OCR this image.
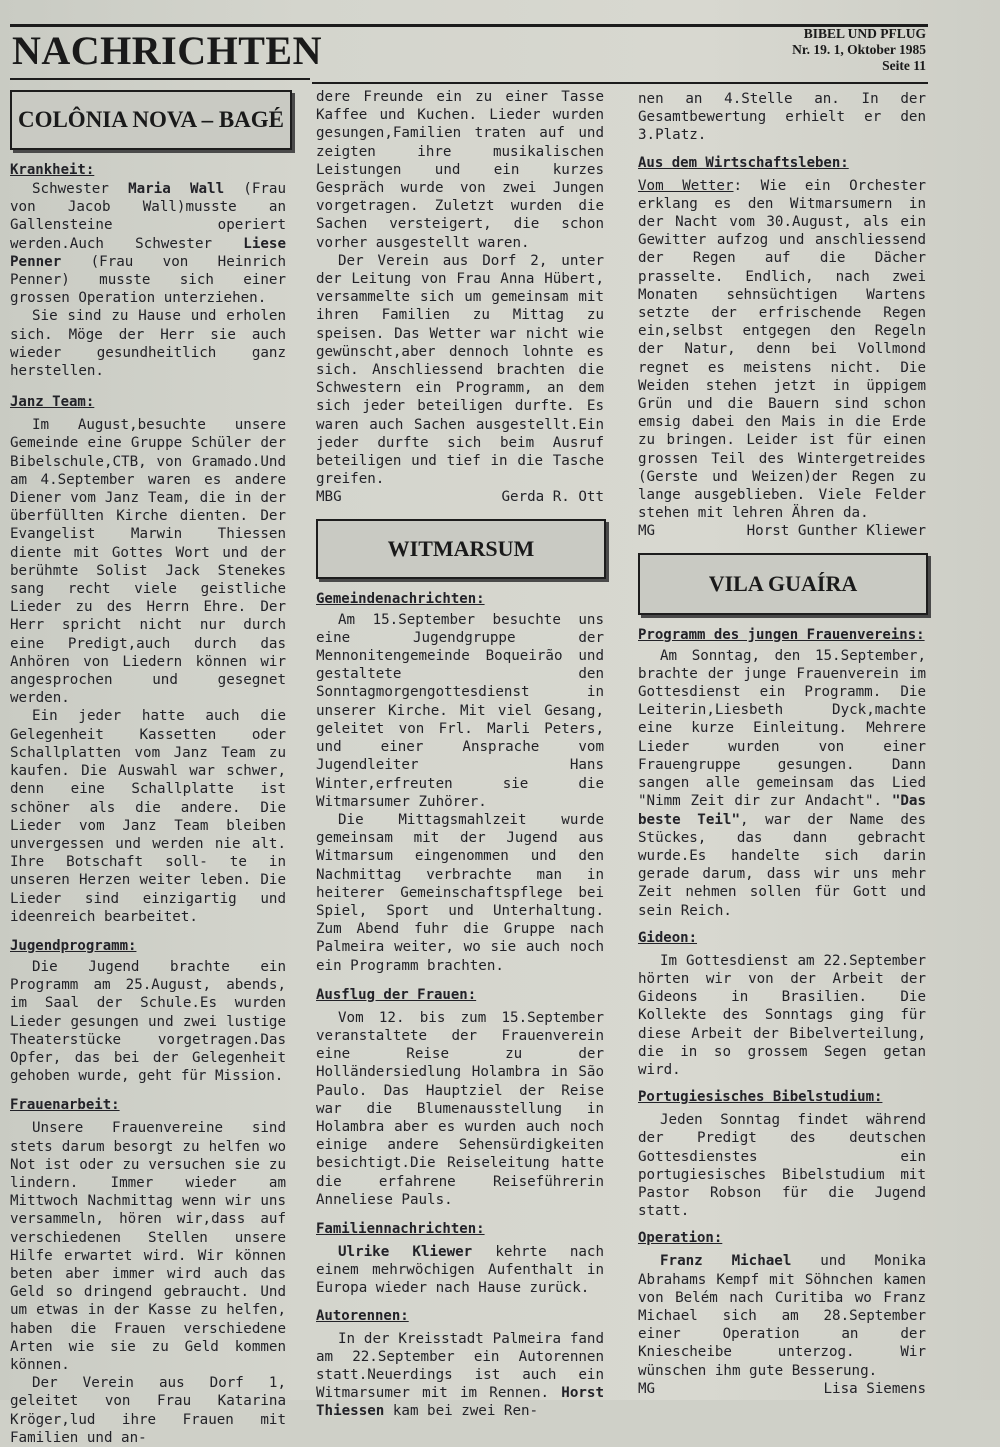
NACHRICHTEN	BIBEL UND PFLUG
Nr. 19. 1, Oktober 1985
Seite 11
COLÔNIA NOVA – BAGÉ

Krankheit:

Schwester Maria Wall (Frau von Jacob Wall)musste an Gallensteine operiert werden.Auch Schwester Liese Penner (Frau von Heinrich Penner) musste sich einer grossen Operation unterziehen.

Sie sind zu Hause und erholen sich. Möge der Herr sie auch wieder gesundheitlich ganz herstellen.

Janz Team:

Im August,besuchte unsere Gemeinde eine Gruppe Schüler der Bibelschule,CTB, von Gramado.Und am 4.September waren es andere Diener vom Janz Team, die in der überfüllten Kirche dienten. Der Evangelist Marwin Thiessen diente mit Gottes Wort und der berühmte Solist Jack Stenekes sang recht viele geistliche Lieder zu des Herrn Ehre. Der Herr spricht nicht nur durch eine Predigt,auch durch das Anhören von Liedern können wir angesprochen und gesegnet werden.

Ein jeder hatte auch die Gelegenheit Kassetten oder Schallplatten vom Janz Team zu kaufen. Die Auswahl war schwer, denn eine Schallplatte ist schöner als die andere. Die Lieder vom Janz Team bleiben unvergessen und werden nie alt. Ihre Botschaft soll- te in unseren Herzen weiter leben. Die Lieder sind einzigartig und ideenreich bearbeitet.

Jugendprogramm:

Die Jugend brachte ein Programm am 25.August, abends, im Saal der Schule.Es wurden Lieder gesungen und zwei lustige Theaterstücke vorgetragen.Das Opfer, das bei der Gelegenheit gehoben wurde, geht für Mission.

Frauenarbeit:

Unsere Frauenvereine sind stets darum besorgt zu helfen wo Not ist oder zu versuchen sie zu lindern. Immer wieder am Mittwoch Nachmittag wenn wir uns versammeln, hören wir,dass auf verschiedenen Stellen unsere Hilfe erwartet wird. Wir können beten aber immer wird auch das Geld so dringend gebraucht. Und um etwas in der Kasse zu helfen, haben die Frauen verschiedene Arten wie sie zu Geld kommen können.

Der Verein aus Dorf 1, geleitet von Frau Katarina Kröger,lud ihre Frauen mit Familien und an-

dere Freunde ein zu einer Tasse Kaffee und Kuchen. Lieder wurden gesungen,Familien traten auf und zeigten ihre musikalischen Leistungen und ein kurzes Gespräch wurde von zwei Jungen vorgetragen. Zuletzt wurden die Sachen versteigert, die schon vorher ausgestellt waren.

Der Verein aus Dorf 2, unter der Leitung von Frau Anna Hübert, versammelte sich um gemeinsam mit ihren Familien zu Mittag zu speisen. Das Wetter war nicht wie gewünscht,aber dennoch lohnte es sich. Anschliessend brachten die Schwestern ein Programm, an dem sich jeder beteiligen durfte. Es waren auch Sachen ausgestellt.Ein jeder durfte sich beim Ausruf beteiligen und tief in die Tasche greifen.

MBG	Gerda R. Ott
WITMARSUM

Gemeindenachrichten:

Am 15.September besuchte uns eine Jugendgruppe der Mennonitengemeinde Boqueirão und gestaltete den Sonntagmorgengottesdienst in unserer Kirche. Mit viel Gesang, geleitet von Frl. Marli Peters, und einer Ansprache vom Jugendleiter Hans Winter,erfreuten sie die Witmarsumer Zuhörer.

Die Mittagsmahlzeit wurde gemeinsam mit der Jugend aus Witmarsum eingenommen und den Nachmittag verbrachte man in heiterer Gemeinschaftspflege bei Spiel, Sport und Unterhaltung. Zum Abend fuhr die Gruppe nach Palmeira weiter, wo sie auch noch ein Programm brachten.

Ausflug der Frauen:

Vom 12. bis zum 15.September veranstaltete der Frauenverein eine Reise zu der Holländersiedlung Holambra in São Paulo. Das Hauptziel der Reise war die Blumenausstellung in Holambra aber es wurden auch noch einige andere Sehensürdigkeiten besichtigt.Die Reiseleitung hatte die erfahrene Reiseführerin Anneliese Pauls.

Familiennachrichten:

Ulrike Kliewer kehrte nach einem mehrwöchigen Aufenthalt in Europa wieder nach Hause zurück.

Autorennen:

In der Kreisstadt Palmeira fand am 22.September ein Autorennen statt.Neuerdings ist auch ein Witmarsumer mit im Rennen. Horst Thiessen kam bei zwei Ren-

nen an 4.Stelle an. In der Gesamtbewertung erhielt er den 3.Platz.

Aus dem Wirtschaftsleben:

Vom Wetter: Wie ein Orchester erklang es den Witmarsumern in der Nacht vom 30.August, als ein Gewitter aufzog und anschliessend der Regen auf die Dächer prasselte. Endlich, nach zwei Monaten sehnsüchtigen Wartens setzte der erfrischende Regen ein,selbst entgegen den Regeln der Natur, denn bei Vollmond regnet es meistens nicht. Die Weiden stehen jetzt in üppigem Grün und die Bauern sind schon emsig dabei den Mais in die Erde zu bringen. Leider ist für einen grossen Teil des Wintergetreides (Gerste und Weizen)der Regen zu lange ausgeblieben. Viele Felder stehen mit lehren Ähren da.

MG	Horst Gunther Kliewer
VILA GUAÍRA

Programm des jungen Frauenvereins:

Am Sonntag, den 15.September, brachte der junge Frauenverein im Gottesdienst ein Programm. Die Leiterin,Liesbeth Dyck,machte eine kurze Einleitung. Mehrere Lieder wurden von einer Frauengruppe gesungen. Dann sangen alle gemeinsam das Lied "Nimm Zeit dir zur Andacht". "Das beste Teil", war der Name des Stückes, das dann gebracht wurde.Es handelte sich darin gerade darum, dass wir uns mehr Zeit nehmen sollen für Gott und sein Reich.

Gideon:

Im Gottesdienst am 22.September hörten wir von der Arbeit der Gideons in Brasilien. Die Kollekte des Sonntags ging für diese Arbeit der Bibelverteilung, die in so grossem Segen getan wird.

Portugiesisches Bibelstudium:

Jeden Sonntag findet während der Predigt des deutschen Gottesdienstes ein portugiesisches Bibelstudium mit Pastor Robson für die Jugend statt.

Operation:

Franz Michael und Monika Abrahams Kempf mit Söhnchen kamen von Belém nach Curitiba wo Franz Michael sich am 28.September einer Operation an der Kniescheibe unterzog. Wir wünschen ihm gute Besserung.

MG	Lisa Siemens
